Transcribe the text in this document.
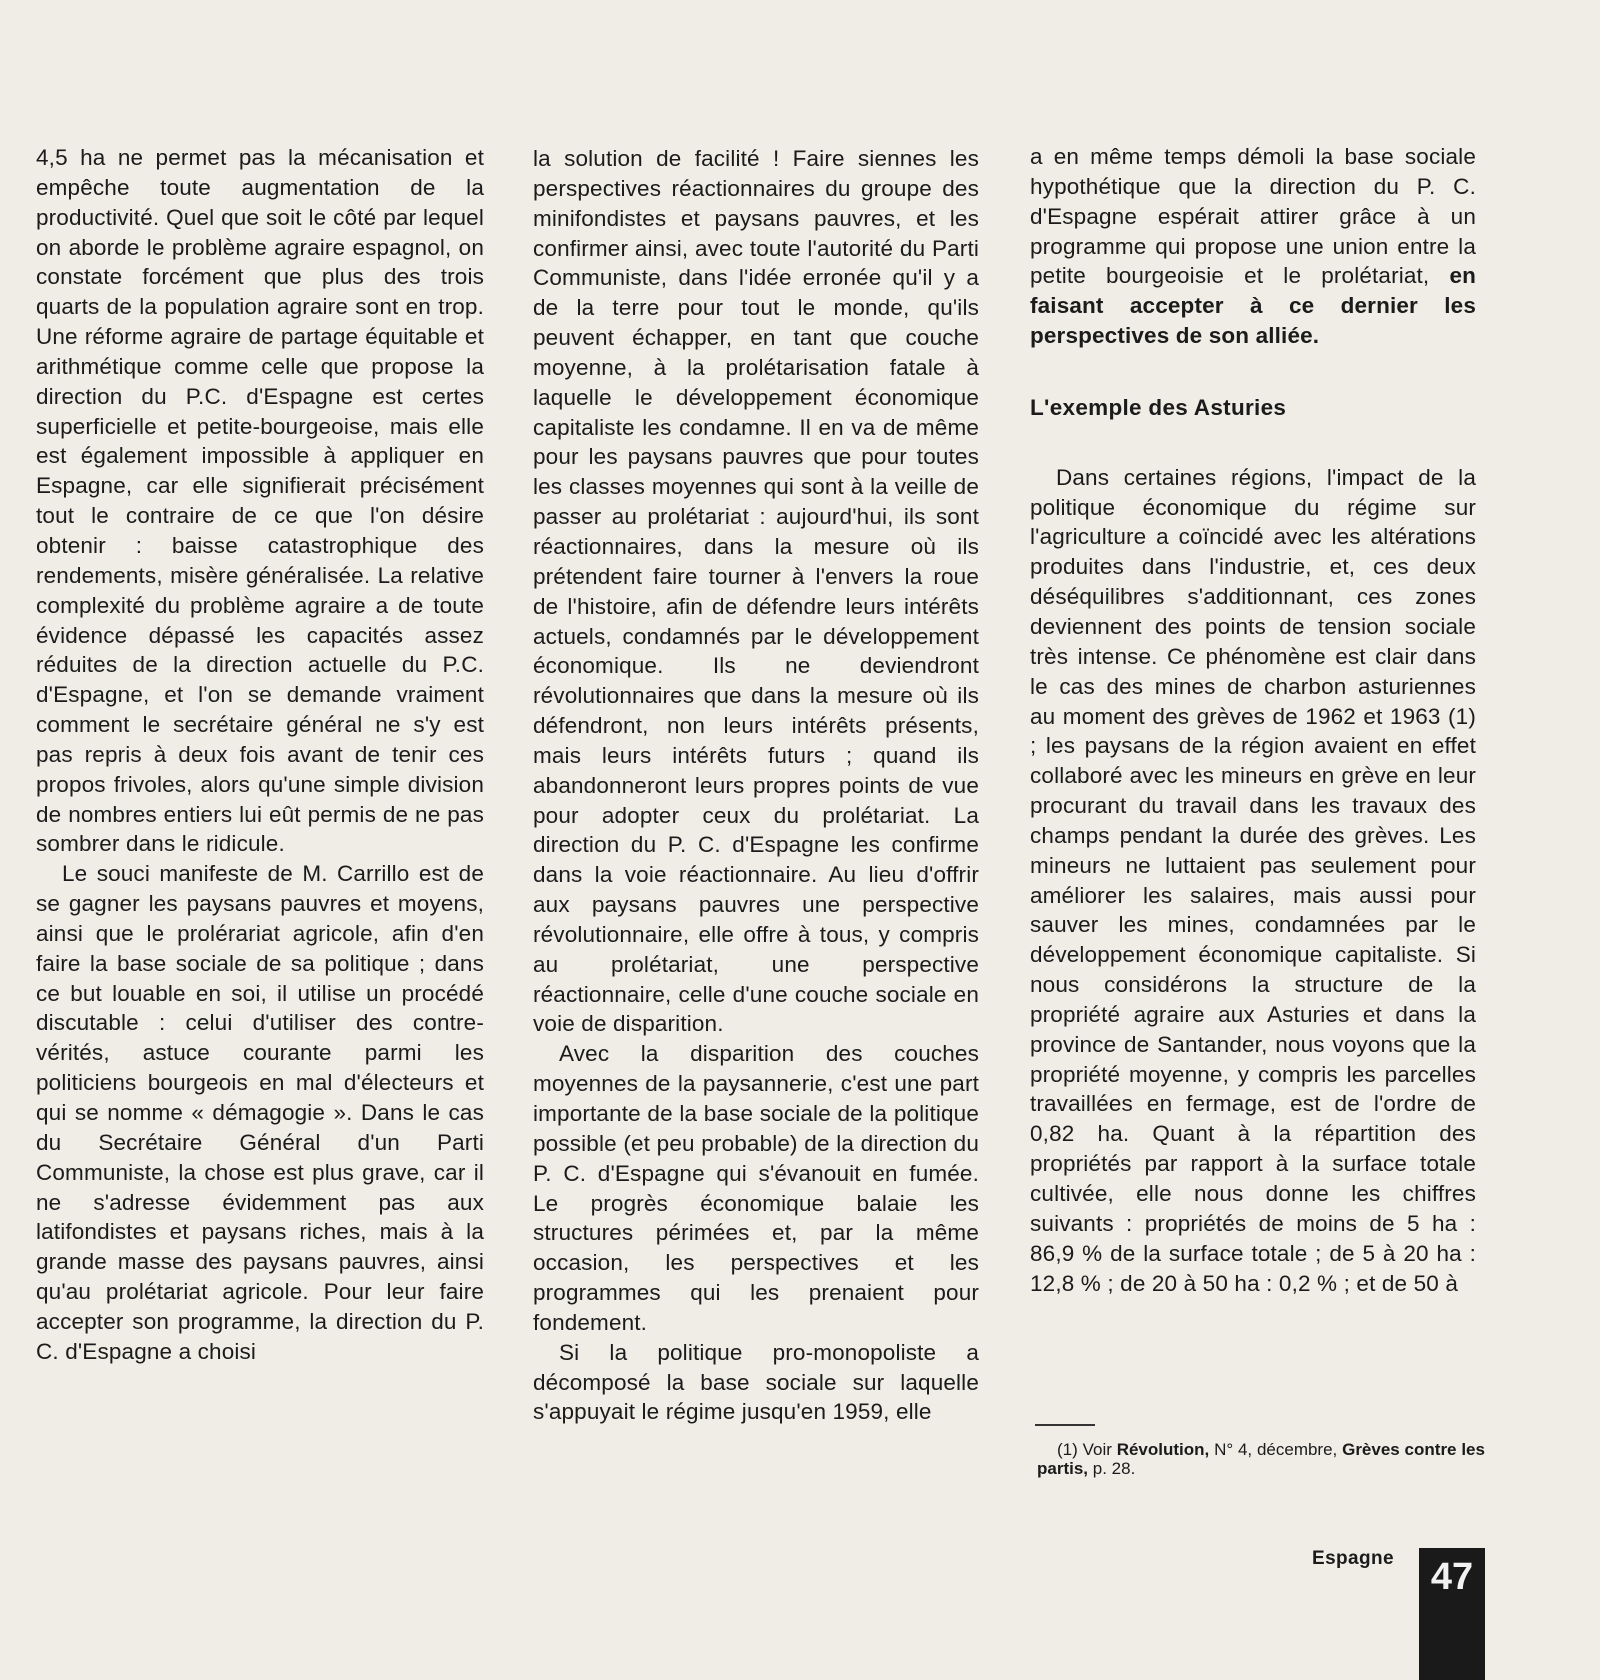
4,5 ha ne permet pas la mécanisation et empêche toute augmentation de la productivité. Quel que soit le côté par lequel on aborde le problème agraire espagnol, on constate forcément que plus des trois quarts de la population agraire sont en trop. Une réforme agraire de partage équitable et arithmétique comme celle que propose la direction du P.C. d'Espagne est certes superficielle et petite-bourgeoise, mais elle est également impossible à appliquer en Espagne, car elle signifierait précisément tout le contraire de ce que l'on désire obtenir : baisse catastrophique des rendements, misère généralisée. La relative complexité du problème agraire a de toute évidence dépassé les capacités assez réduites de la direction actuelle du P.C. d'Espagne, et l'on se demande vraiment comment le secrétaire général ne s'y est pas repris à deux fois avant de tenir ces propos frivoles, alors qu'une simple division de nombres entiers lui eût permis de ne pas sombrer dans le ridicule.

Le souci manifeste de M. Carrillo est de se gagner les paysans pauvres et moyens, ainsi que le prolérariat agricole, afin d'en faire la base sociale de sa politique ; dans ce but louable en soi, il utilise un procédé discutable : celui d'utiliser des contre-vérités, astuce courante parmi les politiciens bourgeois en mal d'électeurs et qui se nomme « démagogie ». Dans le cas du Secrétaire Général d'un Parti Communiste, la chose est plus grave, car il ne s'adresse évidemment pas aux latifondistes et paysans riches, mais à la grande masse des paysans pauvres, ainsi qu'au prolétariat agricole. Pour leur faire accepter son programme, la direction du P. C. d'Espagne a choisi

la solution de facilité ! Faire siennes les perspectives réactionnaires du groupe des minifondistes et paysans pauvres, et les confirmer ainsi, avec toute l'autorité du Parti Communiste, dans l'idée erronée qu'il y a de la terre pour tout le monde, qu'ils peuvent échapper, en tant que couche moyenne, à la prolétarisation fatale à laquelle le développement économique capitaliste les condamne. Il en va de même pour les paysans pauvres que pour toutes les classes moyennes qui sont à la veille de passer au prolétariat : aujourd'hui, ils sont réactionnaires, dans la mesure où ils prétendent faire tourner à l'envers la roue de l'histoire, afin de défendre leurs intérêts actuels, condamnés par le développement économique. Ils ne deviendront révolutionnaires que dans la mesure où ils défendront, non leurs intérêts présents, mais leurs intérêts futurs ; quand ils abandonneront leurs propres points de vue pour adopter ceux du prolétariat. La direction du P. C. d'Espagne les confirme dans la voie réactionnaire. Au lieu d'offrir aux paysans pauvres une perspective révolutionnaire, elle offre à tous, y compris au prolétariat, une perspective réactionnaire, celle d'une couche sociale en voie de disparition.

Avec la disparition des couches moyennes de la paysannerie, c'est une part importante de la base sociale de la politique possible (et peu probable) de la direction du P. C. d'Espagne qui s'évanouit en fumée. Le progrès économique balaie les structures périmées et, par la même occasion, les perspectives et les programmes qui les prenaient pour fondement.

Si la politique pro-monopoliste a décomposé la base sociale sur laquelle s'appuyait le régime jusqu'en 1959, elle

a en même temps démoli la base sociale hypothétique que la direction du P. C. d'Espagne espérait attirer grâce à un programme qui propose une union entre la petite bourgeoisie et le prolétariat, en faisant accepter à ce dernier les perspectives de son alliée.

L'exemple des Asturies

Dans certaines régions, l'impact de la politique économique du régime sur l'agriculture a coïncidé avec les altérations produites dans l'industrie, et, ces deux déséquilibres s'additionnant, ces zones deviennent des points de tension sociale très intense. Ce phénomène est clair dans le cas des mines de charbon asturiennes au moment des grèves de 1962 et 1963 (1) ; les paysans de la région avaient en effet collaboré avec les mineurs en grève en leur procurant du travail dans les travaux des champs pendant la durée des grèves. Les mineurs ne luttaient pas seulement pour améliorer les salaires, mais aussi pour sauver les mines, condamnées par le développement économique capitaliste. Si nous considérons la structure de la propriété agraire aux Asturies et dans la province de Santander, nous voyons que la propriété moyenne, y compris les parcelles travaillées en fermage, est de l'ordre de 0,82 ha. Quant à la répartition des propriétés par rapport à la surface totale cultivée, elle nous donne les chiffres suivants : propriétés de moins de 5 ha : 86,9 % de la surface totale ; de 5 à 20 ha : 12,8 % ; de 20 à 50 ha : 0,2 % ; et de 50 à

(1) Voir Révolution, N° 4, décembre, Grèves contre les partis, p. 28.

Espagne 47
